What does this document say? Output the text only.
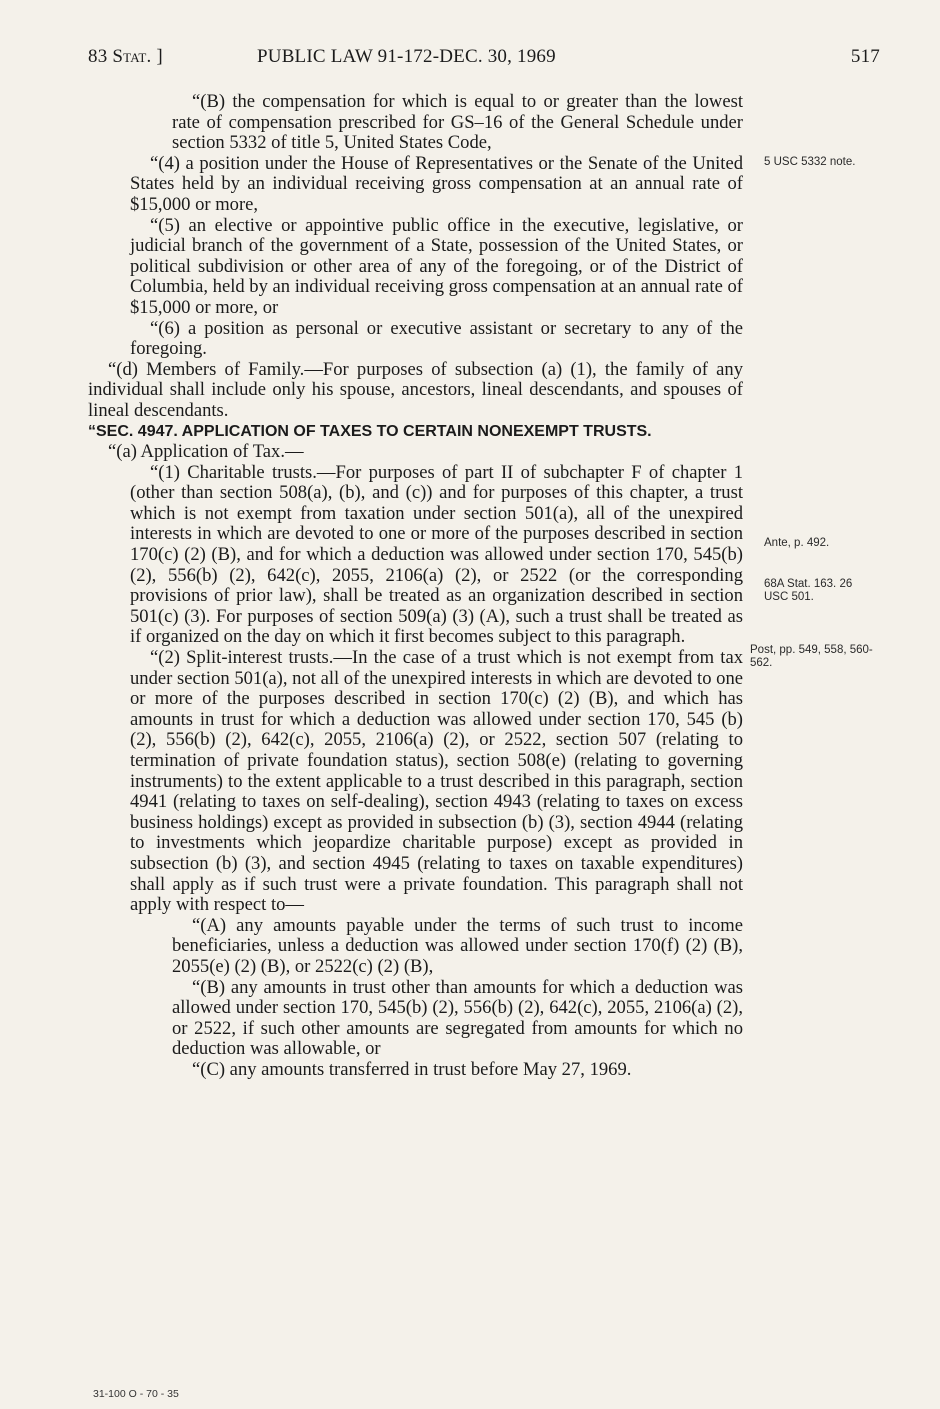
83 Stat. ]	PUBLIC LAW 91-172-DEC. 30, 1969	517

“(B) the compensation for which is equal to or greater than the lowest rate of compensation prescribed for GS–16 of the General Schedule under section 5332 of title 5, United States Code,

“(4) a position under the House of Representatives or the Senate of the United States held by an individual receiving gross compensation at an annual rate of $15,000 or more,

“(5) an elective or appointive public office in the executive, legislative, or judicial branch of the government of a State, possession of the United States, or political subdivision or other area of any of the foregoing, or of the District of Columbia, held by an individual receiving gross compensation at an annual rate of $15,000 or more, or

“(6) a position as personal or executive assistant or secretary to any of the foregoing.

“(d) Members of Family.—For purposes of subsection (a) (1), the family of any individual shall include only his spouse, ancestors, lineal descendants, and spouses of lineal descendants.

“SEC. 4947. APPLICATION OF TAXES TO CERTAIN NONEXEMPT TRUSTS.

“(a) Application of Tax.—

“(1) Charitable trusts.—For purposes of part II of subchapter F of chapter 1 (other than section 508(a), (b), and (c)) and for purposes of this chapter, a trust which is not exempt from taxation under section 501(a), all of the unexpired interests in which are devoted to one or more of the purposes described in section 170(c) (2) (B), and for which a deduction was allowed under section 170, 545(b) (2), 556(b) (2), 642(c), 2055, 2106(a) (2), or 2522 (or the corresponding provisions of prior law), shall be treated as an organization described in section 501(c) (3). For purposes of section 509(a) (3) (A), such a trust shall be treated as if organized on the day on which it first becomes subject to this paragraph.

“(2) Split-interest trusts.—In the case of a trust which is not exempt from tax under section 501(a), not all of the unexpired interests in which are devoted to one or more of the purposes described in section 170(c) (2) (B), and which has amounts in trust for which a deduction was allowed under section 170, 545 (b) (2), 556(b) (2), 642(c), 2055, 2106(a) (2), or 2522, section 507 (relating to termination of private foundation status), section 508(e) (relating to governing instruments) to the extent applicable to a trust described in this paragraph, section 4941 (relating to taxes on self-dealing), section 4943 (relating to taxes on excess business holdings) except as provided in subsection (b) (3), section 4944 (relating to investments which jeopardize charitable purpose) except as provided in subsection (b) (3), and section 4945 (relating to taxes on taxable expenditures) shall apply as if such trust were a private foundation. This paragraph shall not apply with respect to—

“(A) any amounts payable under the terms of such trust to income beneficiaries, unless a deduction was allowed under section 170(f) (2) (B), 2055(e) (2) (B), or 2522(c) (2) (B),

“(B) any amounts in trust other than amounts for which a deduction was allowed under section 170, 545(b) (2), 556(b) (2), 642(c), 2055, 2106(a) (2), or 2522, if such other amounts are segregated from amounts for which no deduction was allowable, or

“(C) any amounts transferred in trust before May 27, 1969.

5 USC 5332 note.
Ante, p. 492.
68A Stat. 163. 26 USC 501.
Post, pp. 549, 558, 560-562.
31-100 O - 70 - 35
